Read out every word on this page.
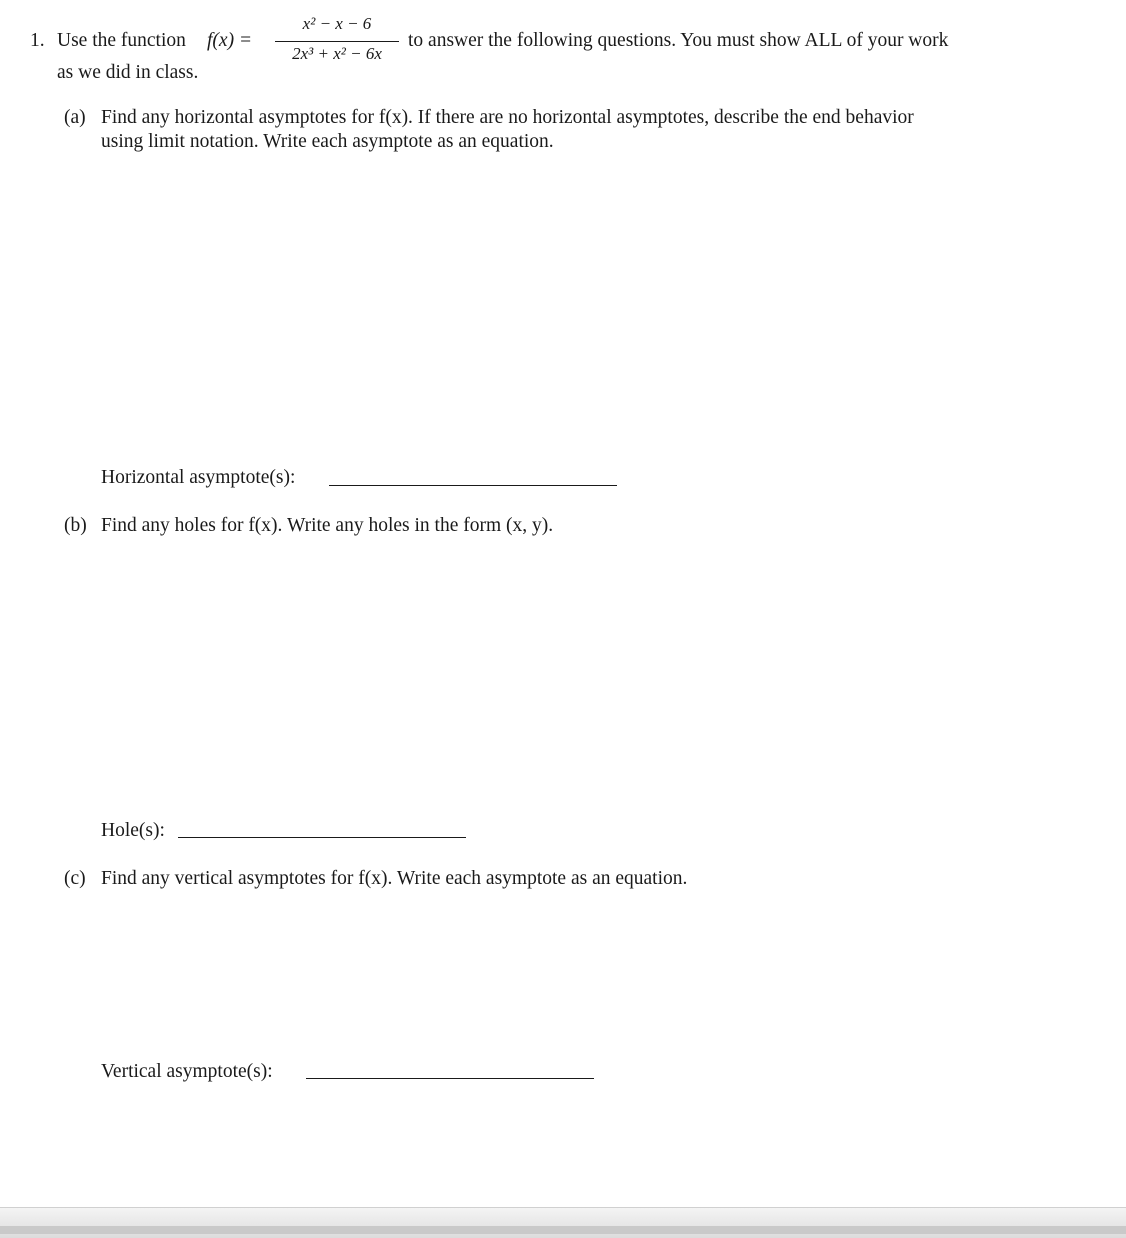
1. Use the function f(x) =
x² − x − 6
2x³ + x² − 6x
to answer the following questions. You must show ALL of your work
as we did in class.
(a) Find any horizontal asymptotes for f(x). If there are no horizontal asymptotes, describe the end behavior
using limit notation. Write each asymptote as an equation.
Horizontal asymptote(s):
(b) Find any holes for f(x). Write any holes in the form (x, y).
Hole(s):
(c) Find any vertical asymptotes for f(x). Write each asymptote as an equation.
Vertical asymptote(s):
